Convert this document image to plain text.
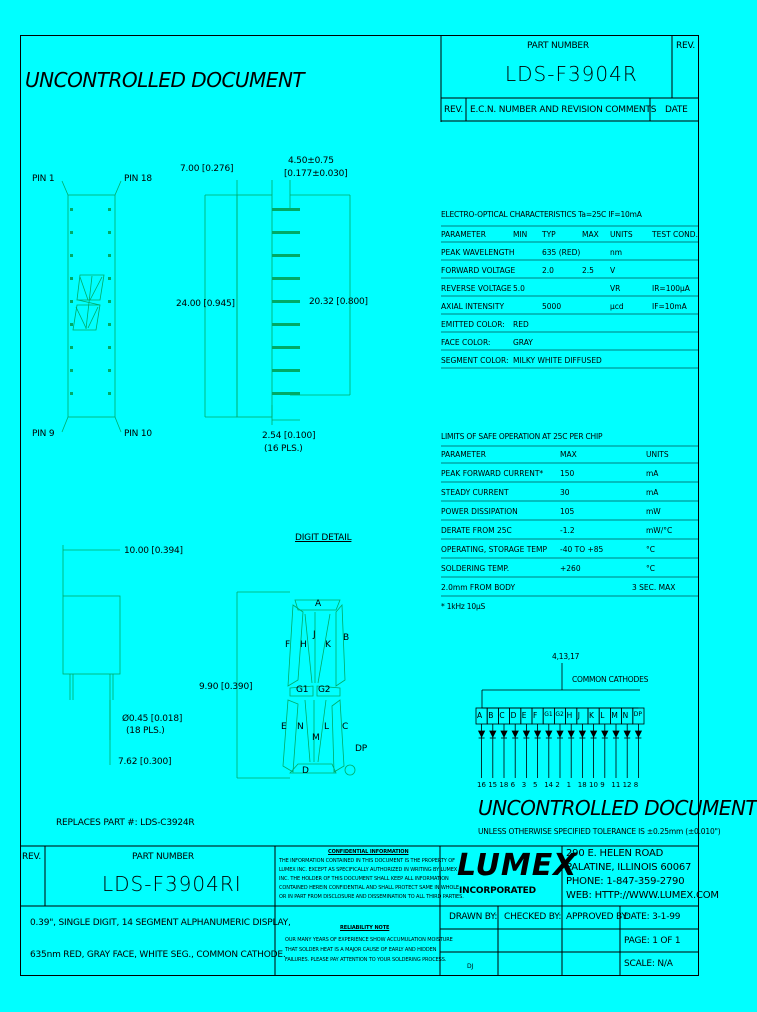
PART NUMBER
LDS-F3904R
REV.
REV. E.C.N. NUMBER AND REVISION COMMENTS DATE
UNCONTROLLED DOCUMENT
PIN 1	PIN 18
PIN 9	PIN 10
7.00 [0.276]
4.50±0.75
[0.177±0.030]
24.00 [0.945]	20.32 [0.800]
2.54 [0.100]
(16 PLS.)
DIGIT DETAIL
10.00 [0.394]
Ø0.45 [0.018]
(18 PLS.)
7.62 [0.300]
9.90 [0.390]
A
B
C
D
E
F
G1 G2
H
J
K
L
M
N
DP
REPLACES PART #: LDS-C3924R
ELECTRO-OPTICAL CHARACTERISTICS Ta=25C IF=10mA
PARAMETER	MIN TYP	MAX UNITS	TEST COND.
PEAK WAVELENGTH	635 (RED)	nm
FORWARD VOLTAGE	2.0	2.5 V
REVERSE VOLTAGE 5.0	VR	IR=100µA
AXIAL INTENSITY	5000	µcd	IF=10mA
EMITTED COLOR: RED
FACE COLOR:	GRAY
SEGMENT COLOR: MILKY WHITE DIFFUSED
LIMITS OF SAFE OPERATION AT 25C PER CHIP
PARAMETER	MAX	UNITS
PEAK FORWARD CURRENT* 150	mA
STEADY CURRENT	30	mA
POWER DISSIPATION	105	mW
DERATE FROM 25C	-1.2	mW/°C
OPERATING, STORAGE TEMP -40 TO +85	°C
SOLDERING TEMP.	+260	°C
2.0mm FROM BODY	3 SEC. MAX
* 1kHz 10µS
4,13,17
COMMON CATHODES
A
16
B
15
C
18
D
6
E
3
F
5
G1
14
G2
2
H
1
J
18
K
10
L
9
M
11
N
12
DP
8
UNCONTROLLED DOCUMENT
UNLESS OTHERWISE SPECIFIED TOLERANCE IS ±0.25mm (±0.010")
REV.	PART NUMBER
LDS-F3904RI
0.39", SINGLE DIGIT, 14 SEGMENT ALPHANUMERIC DISPLAY,
635nm RED, GRAY FACE, WHITE SEG., COMMON CATHODE.
CONFIDENTIAL INFORMATION
THE INFORMATION CONTAINED IN THIS DOCUMENT IS THE PROPERTY OF
LUMEX INC. EXCEPT AS SPECIFICALLY AUTHORIZED IN WRITING BY LUMEX
INC. THE HOLDER OF THIS DOCUMENT SHALL KEEP ALL INFORMATION
CONTAINED HEREIN CONFIDENTIAL AND SHALL PROTECT SAME IN WHOLE
OR IN PART FROM DISCLOSURE AND DISSEMINATION TO ALL THIRD PARTIES.
RELIABILITY NOTE
OUR MANY YEARS OF EXPERIENCE SHOW ACCUMULATION MOISTURE
THAT SOLDER HEAT IS A MAJOR CAUSE OF EARLY AND HIDDEN
FAILURES. PLEASE PAY ATTENTION TO YOUR SOLDERING PROCESS.
LUMEX
INCORPORATED
290 E. HELEN ROAD
PALATINE, ILLINOIS 60067
PHONE: 1-847-359-2790
WEB: HTTP://WWW.LUMEX.COM
DRAWN BY: CHECKED BY: APPROVED BY:
DJ
DATE: 3-1-99
PAGE: 1 OF 1
SCALE: N/A
